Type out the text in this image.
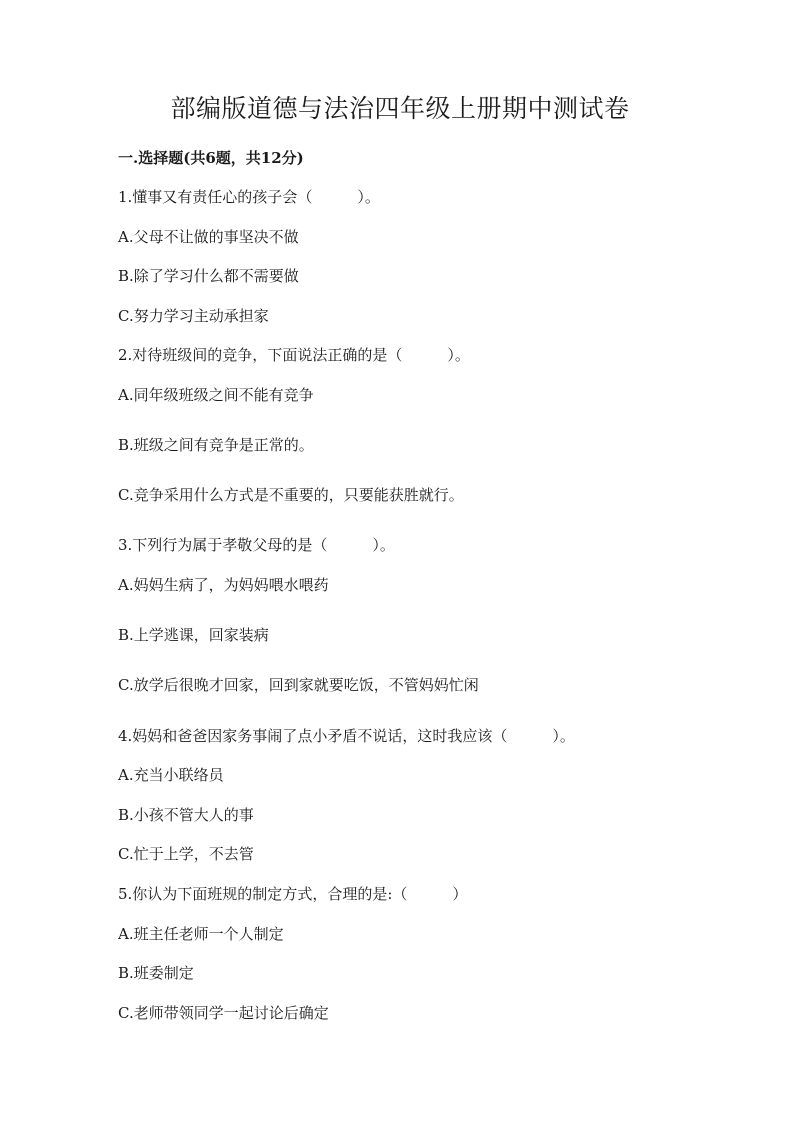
部编版道德与法治四年级上册期中测试卷
一.选择题(共6题，共12分)
1.懂事又有责任心的孩子会（　　　）。
A.父母不让做的事坚决不做
B.除了学习什么都不需要做
C.努力学习主动承担家
2.对待班级间的竞争，下面说法正确的是（　　　）。
A.同年级班级之间不能有竞争
B.班级之间有竞争是正常的。
C.竞争采用什么方式是不重要的，只要能获胜就行。
3.下列行为属于孝敬父母的是（　　　）。
A.妈妈生病了，为妈妈喂水喂药
B.上学逃课，回家装病
C.放学后很晚才回家，回到家就要吃饭，不管妈妈忙闲
4.妈妈和爸爸因家务事闹了点小矛盾不说话，这时我应该（　　　）。
A.充当小联络员
B.小孩不管大人的事
C.忙于上学，不去管
5.你认为下面班规的制定方式，合理的是:（　　　）
A.班主任老师一个人制定
B.班委制定
C.老师带领同学一起讨论后确定
